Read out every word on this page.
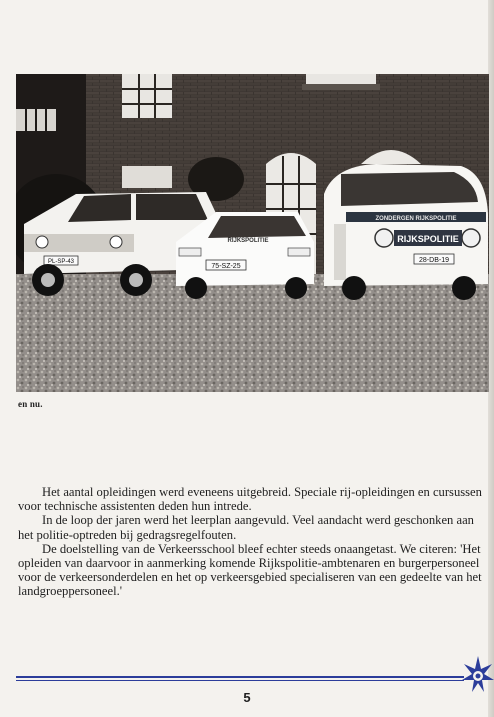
PL-SP-43
RIJKSPOLITIE
75-SZ-25
ZONDERGEN RIJKSPOLITIE
RIJKSPOLITIE
28-DB-19
en nu.

Het aantal opleidingen werd eveneens uitgebreid. Speciale rij-opleidingen en cursussen voor technische assistenten deden hun intrede.

In de loop der jaren werd het leerplan aangevuld. Veel aandacht werd geschonken aan het politie-optreden bij gedragsregelfouten.

De doelstelling van de Verkeersschool bleef echter steeds onaangetast. We citeren: 'Het opleiden van daarvoor in aanmerking komende Rijkspolitie-ambtenaren en burgerpersoneel voor de verkeersonderdelen en het op verkeersgebied specialiseren van een gedeelte van het landgroeppersoneel.'

5
